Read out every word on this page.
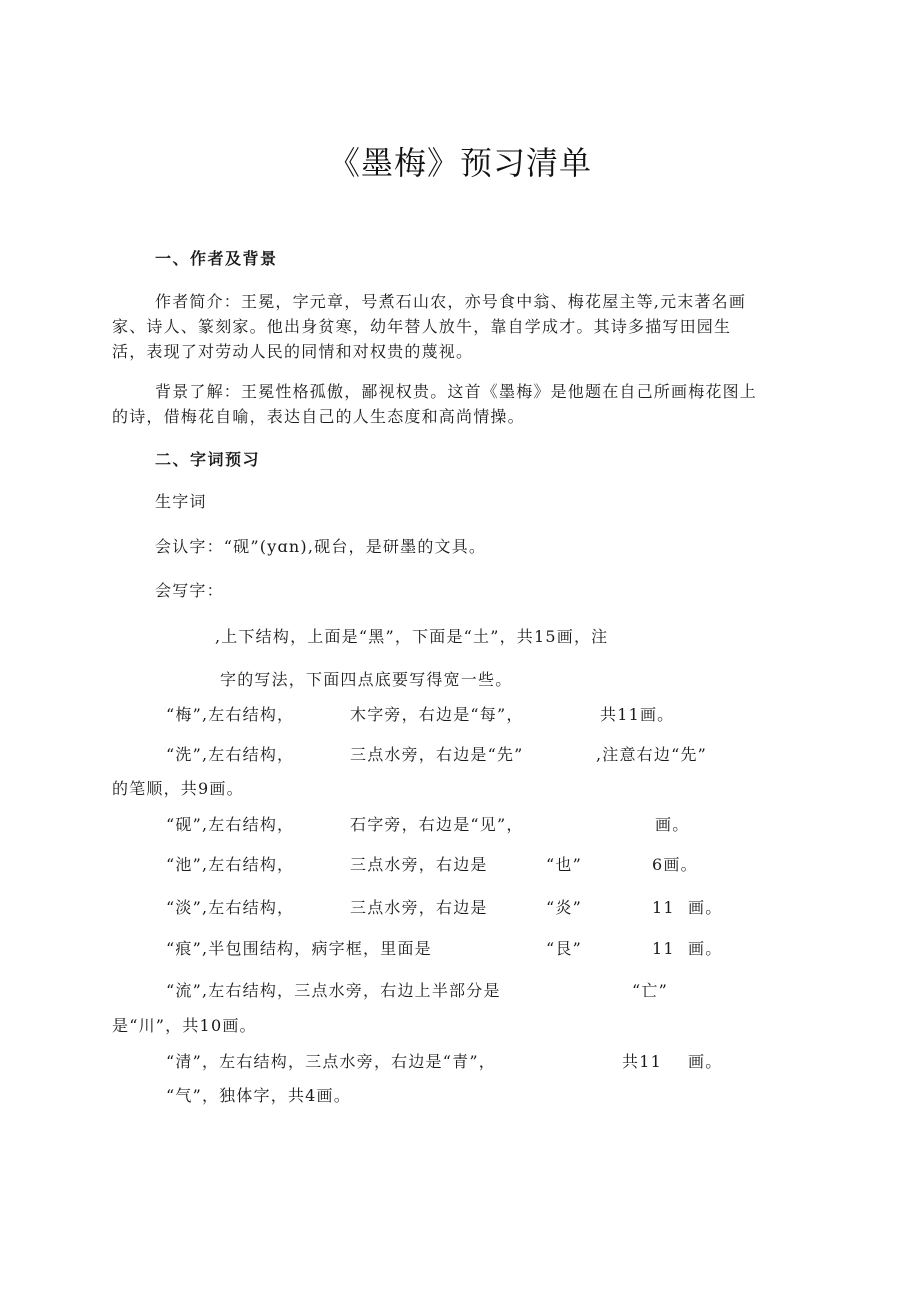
《墨梅》预习清单
一、作者及背景
作者简介：王冕，字元章，号煮石山农，亦号食中翁、梅花屋主等,元末著名画
家、诗人、篆刻家。他出身贫寒，幼年替人放牛，靠自学成才。其诗多描写田园生
活，表现了对劳动人民的同情和对权贵的蔑视。
背景了解：王冕性格孤傲，鄙视权贵。这首《墨梅》是他题在自己所画梅花图上
的诗，借梅花自喻，表达自己的人生态度和高尚情操。
二、字词预习
生字词
会认字：“砚”(yɑn),砚台，是研墨的文具。
会写字：
,上下结构，上面是“黑”，下面是“土”，共15画，注
字的写法，下面四点底要写得宽一些。
“梅”,左右结构，	木字旁，右边是“每”，	共11画。
“洗”,左右结构，	三点水旁，右边是“先”	,注意右边“先”
的笔顺，共9画。
“砚”,左右结构，	石字旁，右边是“见”，	画。
“池”,左右结构，	三点水旁，右边是	“也”	6画。
“淡”,左右结构，	三点水旁，右边是	“炎”	11 画。
“痕”,半包围结构，病字框，里面是	“艮”	11 画。
“流”,左右结构，三点水旁，右边上半部分是	“亡”
是“川”，共10画。
“清”，左右结构，三点水旁，右边是“青”，	共11 画。
“气”，独体字，共4画。
